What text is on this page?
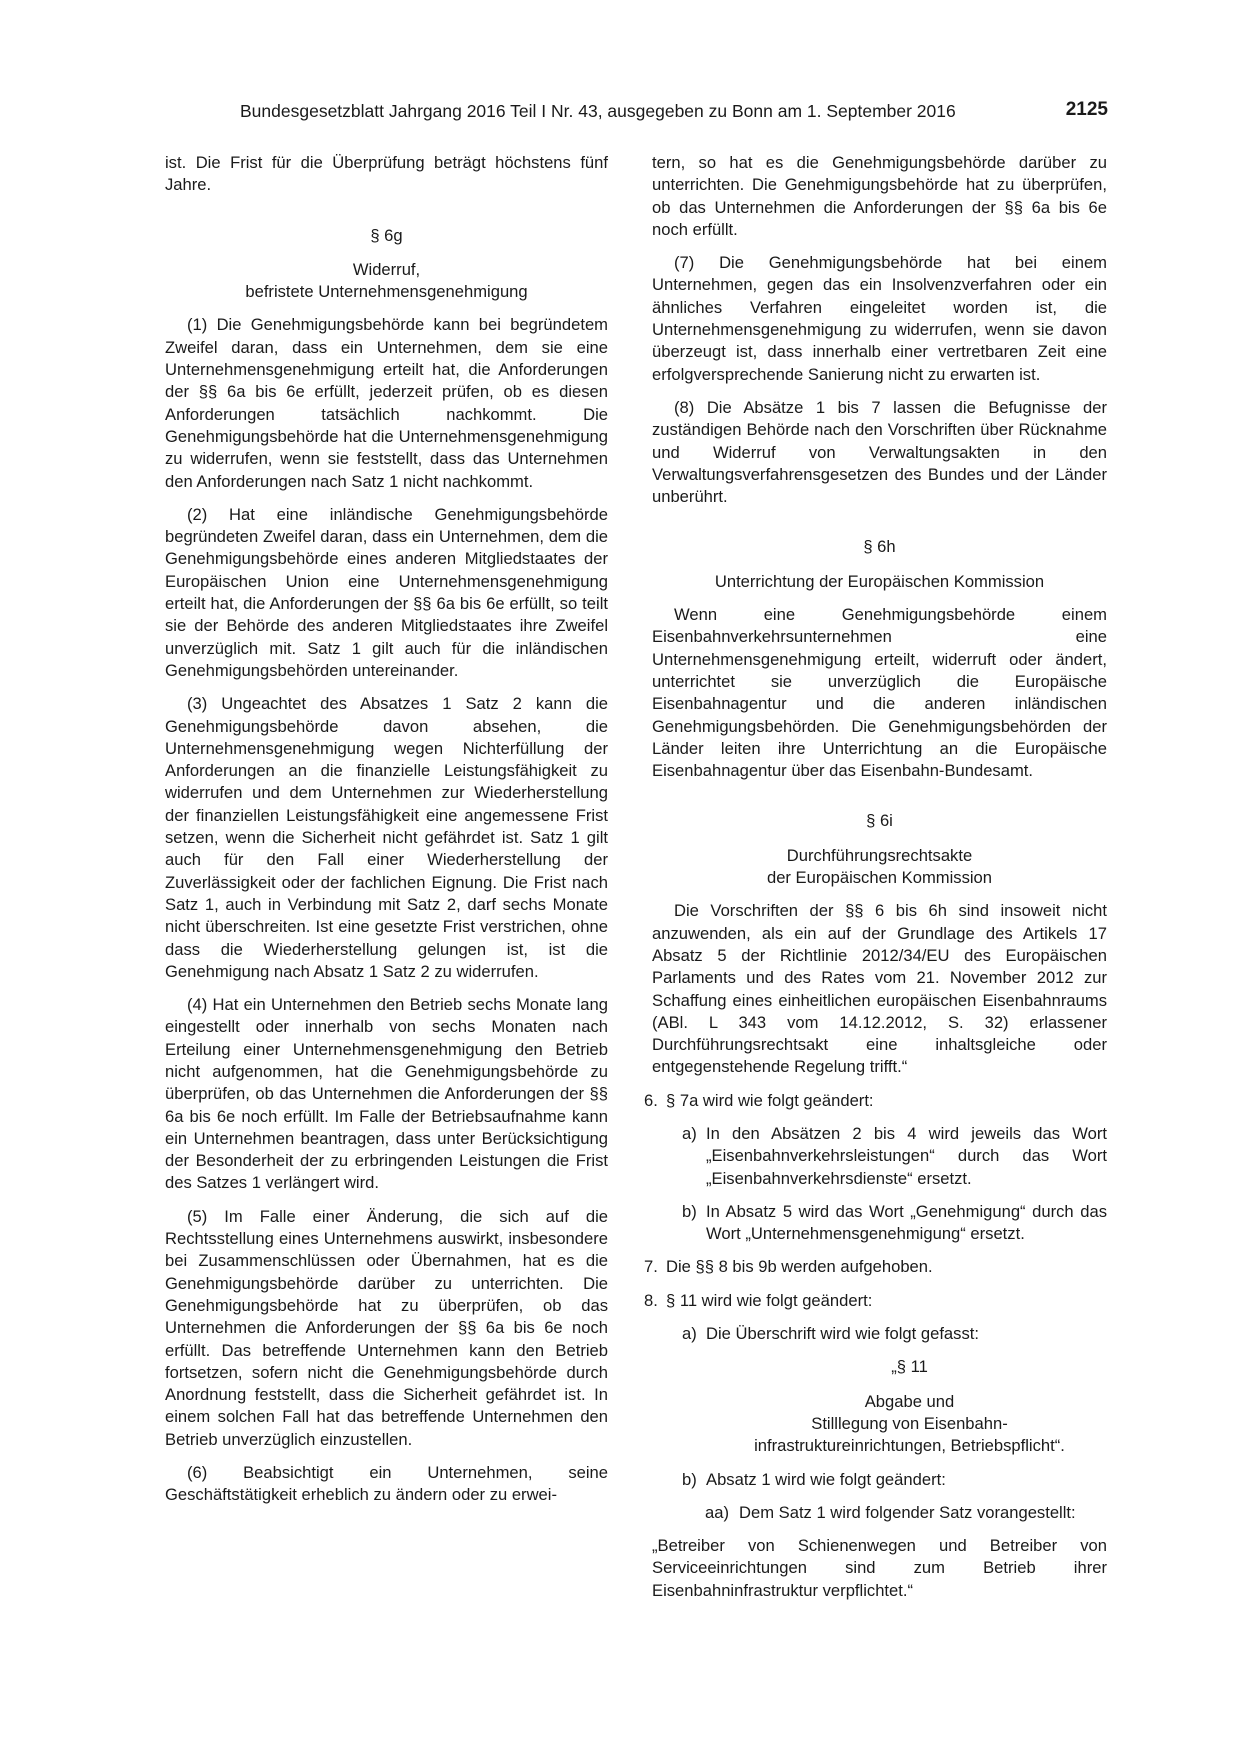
Bundesgesetzblatt Jahrgang 2016 Teil I Nr. 43, ausgegeben zu Bonn am 1. September 2016	2125

ist. Die Frist für die Überprüfung beträgt höchstens fünf Jahre.

§ 6g
Widerruf,
befristete Unternehmensgenehmigung

(1) Die Genehmigungsbehörde kann bei begründetem Zweifel daran, dass ein Unternehmen, dem sie eine Unternehmensgenehmigung erteilt hat, die Anforderungen der §§ 6a bis 6e erfüllt, jederzeit prüfen, ob es diesen Anforderungen tatsächlich nachkommt. Die Genehmigungsbehörde hat die Unternehmensgenehmigung zu widerrufen, wenn sie feststellt, dass das Unternehmen den Anforderungen nach Satz 1 nicht nachkommt.

(2) Hat eine inländische Genehmigungsbehörde begründeten Zweifel daran, dass ein Unternehmen, dem die Genehmigungsbehörde eines anderen Mitgliedstaates der Europäischen Union eine Unternehmensgenehmigung erteilt hat, die Anforderungen der §§ 6a bis 6e erfüllt, so teilt sie der Behörde des anderen Mitgliedstaates ihre Zweifel unverzüglich mit. Satz 1 gilt auch für die inländischen Genehmigungsbehörden untereinander.

(3) Ungeachtet des Absatzes 1 Satz 2 kann die Genehmigungsbehörde davon absehen, die Unternehmensgenehmigung wegen Nichterfüllung der Anforderungen an die finanzielle Leistungsfähigkeit zu widerrufen und dem Unternehmen zur Wiederherstellung der finanziellen Leistungsfähigkeit eine angemessene Frist setzen, wenn die Sicherheit nicht gefährdet ist. Satz 1 gilt auch für den Fall einer Wiederherstellung der Zuverlässigkeit oder der fachlichen Eignung. Die Frist nach Satz 1, auch in Verbindung mit Satz 2, darf sechs Monate nicht überschreiten. Ist eine gesetzte Frist verstrichen, ohne dass die Wiederherstellung gelungen ist, ist die Genehmigung nach Absatz 1 Satz 2 zu widerrufen.

(4) Hat ein Unternehmen den Betrieb sechs Monate lang eingestellt oder innerhalb von sechs Monaten nach Erteilung einer Unternehmensgenehmigung den Betrieb nicht aufgenommen, hat die Genehmigungsbehörde zu überprüfen, ob das Unternehmen die Anforderungen der §§ 6a bis 6e noch erfüllt. Im Falle der Betriebsaufnahme kann ein Unternehmen beantragen, dass unter Berücksichtigung der Besonderheit der zu erbringenden Leistungen die Frist des Satzes 1 verlängert wird.

(5) Im Falle einer Änderung, die sich auf die Rechtsstellung eines Unternehmens auswirkt, insbesondere bei Zusammenschlüssen oder Übernahmen, hat es die Genehmigungsbehörde darüber zu unterrichten. Die Genehmigungsbehörde hat zu überprüfen, ob das Unternehmen die Anforderungen der §§ 6a bis 6e noch erfüllt. Das betreffende Unternehmen kann den Betrieb fortsetzen, sofern nicht die Genehmigungsbehörde durch Anordnung feststellt, dass die Sicherheit gefährdet ist. In einem solchen Fall hat das betreffende Unternehmen den Betrieb unverzüglich einzustellen.

(6) Beabsichtigt ein Unternehmen, seine Geschäftstätigkeit erheblich zu ändern oder zu erwei-

tern, so hat es die Genehmigungsbehörde darüber zu unterrichten. Die Genehmigungsbehörde hat zu überprüfen, ob das Unternehmen die Anforderungen der §§ 6a bis 6e noch erfüllt.

(7) Die Genehmigungsbehörde hat bei einem Unternehmen, gegen das ein Insolvenzverfahren oder ein ähnliches Verfahren eingeleitet worden ist, die Unternehmensgenehmigung zu widerrufen, wenn sie davon überzeugt ist, dass innerhalb einer vertretbaren Zeit eine erfolgversprechende Sanierung nicht zu erwarten ist.

(8) Die Absätze 1 bis 7 lassen die Befugnisse der zuständigen Behörde nach den Vorschriften über Rücknahme und Widerruf von Verwaltungsakten in den Verwaltungsverfahrensgesetzen des Bundes und der Länder unberührt.

§ 6h
Unterrichtung der Europäischen Kommission

Wenn eine Genehmigungsbehörde einem Eisenbahnverkehrsunternehmen eine Unternehmensgenehmigung erteilt, widerruft oder ändert, unterrichtet sie unverzüglich die Europäische Eisenbahnagentur und die anderen inländischen Genehmigungsbehörden. Die Genehmigungsbehörden der Länder leiten ihre Unterrichtung an die Europäische Eisenbahnagentur über das Eisenbahn-Bundesamt.

§ 6i
Durchführungsrechtsakte
der Europäischen Kommission

Die Vorschriften der §§ 6 bis 6h sind insoweit nicht anzuwenden, als ein auf der Grundlage des Artikels 17 Absatz 5 der Richtlinie 2012/34/EU des Europäischen Parlaments und des Rates vom 21. November 2012 zur Schaffung eines einheitlichen europäischen Eisenbahnraums (ABl. L 343 vom 14.12.2012, S. 32) erlassener Durchführungsrechtsakt eine inhaltsgleiche oder entgegenstehende Regelung trifft.“

6. § 7a wird wie folgt geändert:
a) In den Absätzen 2 bis 4 wird jeweils das Wort „Eisenbahnverkehrsleistungen“ durch das Wort „Eisenbahnverkehrsdienste“ ersetzt.
b) In Absatz 5 wird das Wort „Genehmigung“ durch das Wort „Unternehmensgenehmigung“ ersetzt.
7. Die §§ 8 bis 9b werden aufgehoben.
8. § 11 wird wie folgt geändert:
a) Die Überschrift wird wie folgt gefasst:
„§ 11
Abgabe und
Stilllegung von Eisenbahn-
infrastruktureinrichtungen, Betriebspflicht“.
b) Absatz 1 wird wie folgt geändert:
aa) Dem Satz 1 wird folgender Satz vorangestellt:

„Betreiber von Schienenwegen und Betreiber von Serviceeinrichtungen sind zum Betrieb ihrer Eisenbahninfrastruktur verpflichtet.“
